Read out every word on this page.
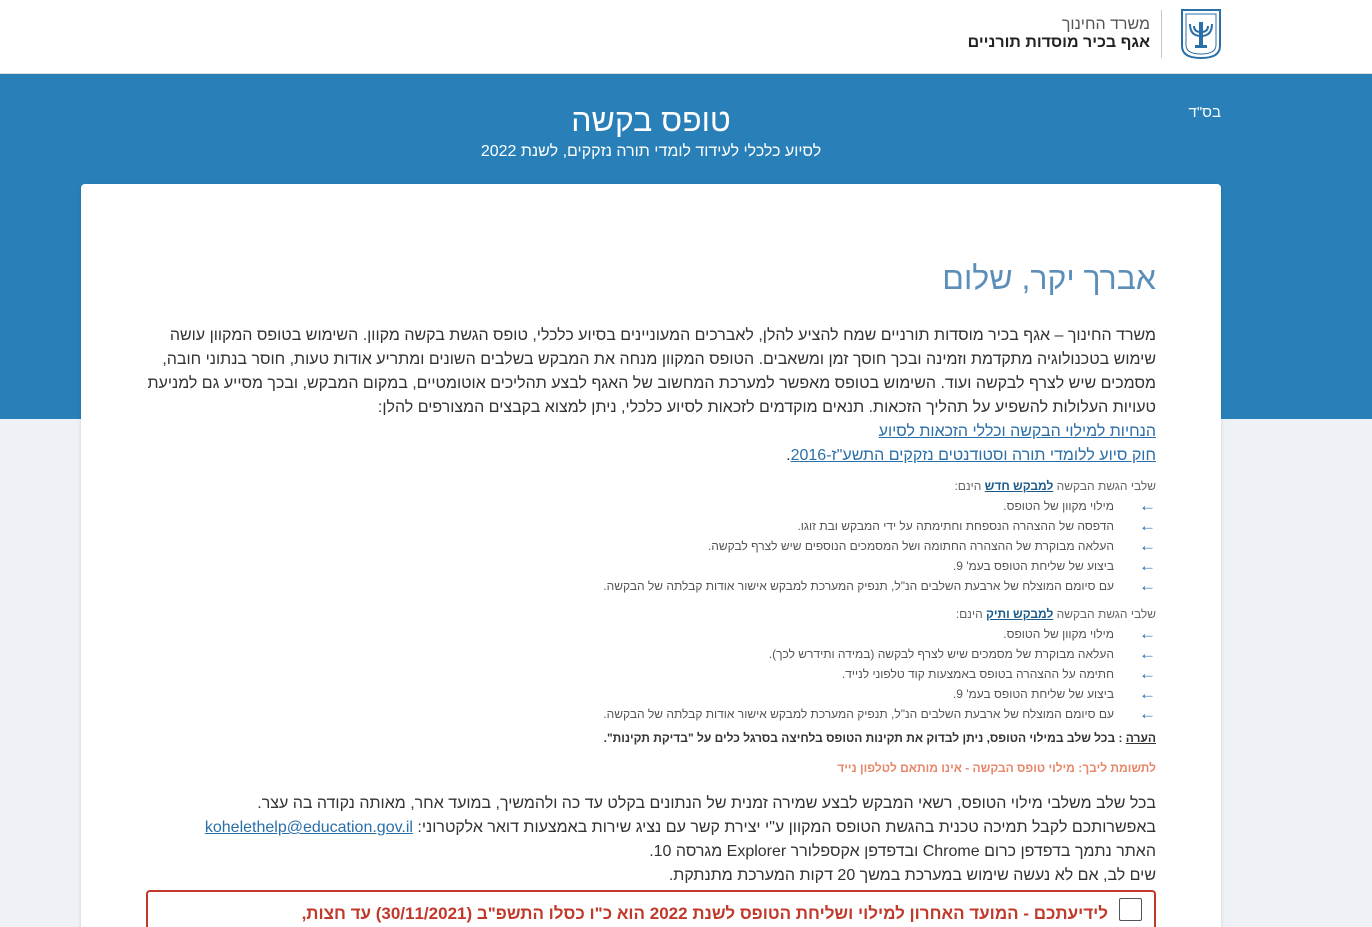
משרד החינוך
אגף בכיר מוסדות תורניים
בס"ד
טופס בקשה
לסיוע כלכלי לעידוד לומדי תורה נזקקים, לשנת 2022
אברך יקר, שלום
משרד החינוך – אגף בכיר מוסדות תורניים שמח להציע להלן, לאברכים המעוניינים בסיוע כלכלי, טופס הגשת בקשה מקוון. השימוש בטופס המקוון עושה שימוש בטכנולוגיה מתקדמת וזמינה ובכך חוסך זמן ומשאבים. הטופס המקוון מנחה את המבקש בשלבים השונים ומתריע אודות טעות, חוסר בנתוני חובה, מסמכים שיש לצרף לבקשה ועוד. השימוש בטופס מאפשר למערכת המחשוב של האגף לבצע תהליכים אוטומטיים, במקום המבקש, ובכך מסייע גם למניעת טעויות העלולות להשפיע על תהליך הזכאות. תנאים מוקדמים לזכאות לסיוע כלכלי, ניתן למצוא בקבצים המצורפים להלן:
הנחיות למילוי הבקשה וכללי הזכאות לסיוע
חוק סיוע ללומדי תורה וסטודנטים נזקקים התשע"ז-2016.
שלבי הגשת הבקשה למבקש חדש הינם:
←
מילוי מקוון של הטופס.
←
הדפסה של ההצהרה הנספחת וחתימתה על ידי המבקש ובת זוגו.
←
העלאה מבוקרת של ההצהרה החתומה ושל המסמכים הנוספים שיש לצרף לבקשה.
←
ביצוע של שליחת הטופס בעמ' 9.
←
עם סיומם המוצלח של ארבעת השלבים הנ"ל, תנפיק המערכת למבקש אישור אודות קבלתה של הבקשה.
שלבי הגשת הבקשה למבקש ותיק הינם:
←
מילוי מקוון של הטופס.
←
העלאה מבוקרת של מסמכים שיש לצרף לבקשה (במידה ותידרש לכך).
←
חתימה על ההצהרה בטופס באמצעות קוד טלפוני לנייד.
←
ביצוע של שליחת הטופס בעמ' 9.
←
עם סיומם המוצלח של ארבעת השלבים הנ"ל, תנפיק המערכת למבקש אישור אודות קבלתה של הבקשה.
הערה : בכל שלב במילוי הטופס, ניתן לבדוק את תקינות הטופס בלחיצה בסרגל כלים על "בדיקת תקינות".
לתשומת ליבך: מילוי טופס הבקשה - אינו מותאם לטלפון נייד
בכל שלב משלבי מילוי הטופס, רשאי המבקש לבצע שמירה זמנית של הנתונים בקלט עד כה ולהמשיך, במועד אחר, מאותה נקודה בה עצר.
באפשרותכם לקבל תמיכה טכנית בהגשת הטופס המקוון ע"י יצירת קשר עם נציג שירות באמצעות דואר אלקטרוני: kohelethelp@education.gov.il
האתר נתמך בדפדפן כרום Chrome ובדפדפן אקספלורר Explorer מגרסה 10.
שים לב, אם לא נעשה שימוש במערכת במשך 20 דקות המערכת מתנתקת.
לידיעתכם - המועד האחרון למילוי ושליחת הטופס לשנת 2022 הוא כ"ו כסלו התשפ"ב (30/11/2021) עד חצות,
